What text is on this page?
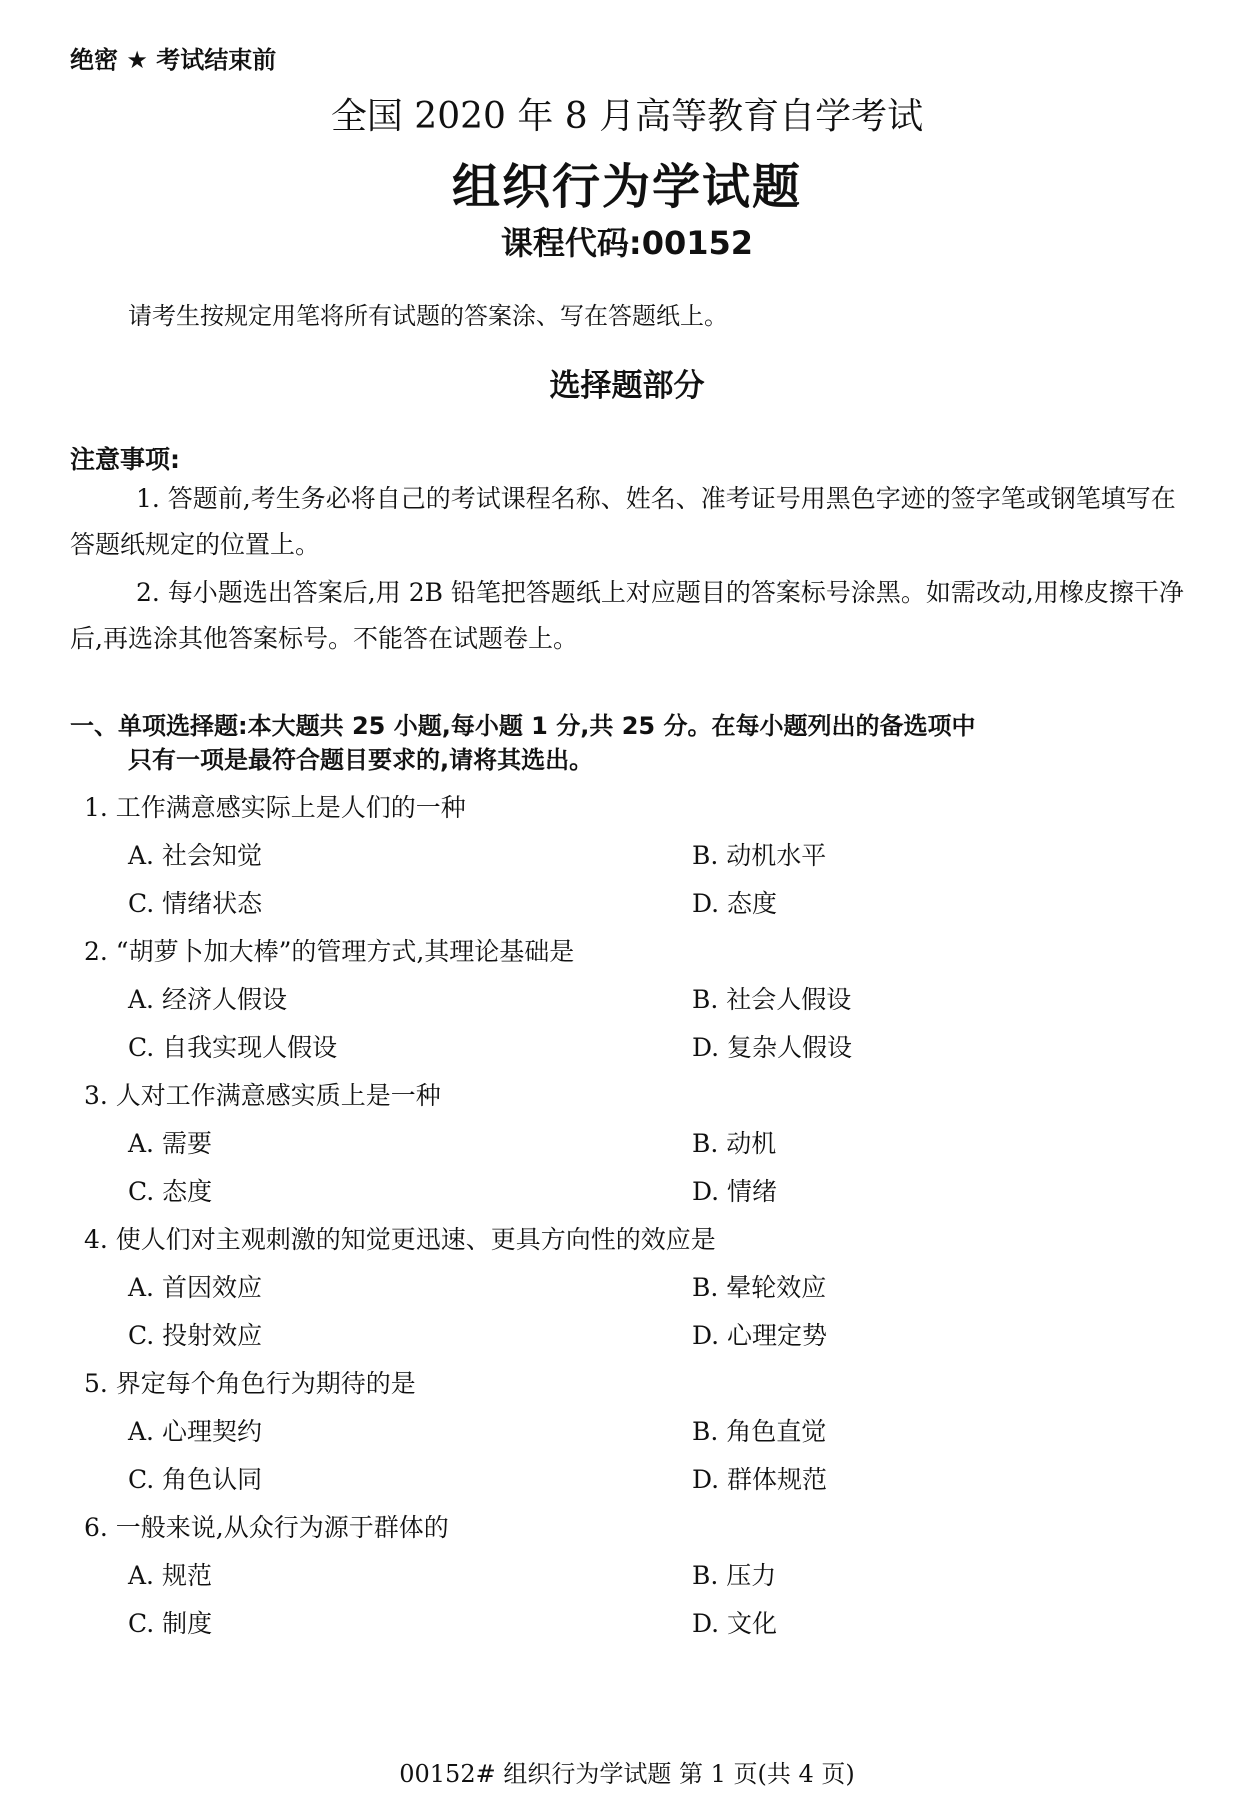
绝密 ★ 考试结束前
全国 2020 年 8 月高等教育自学考试
组织行为学试题
课程代码:00152
请考生按规定用笔将所有试题的答案涂、写在答题纸上。
选择题部分
注意事项:
1. 答题前,考生务必将自己的考试课程名称、姓名、准考证号用黑色字迹的签字笔或钢笔填写在答题纸规定的位置上。
2. 每小题选出答案后,用 2B 铅笔把答题纸上对应题目的答案标号涂黑。如需改动,用橡皮擦干净后,再选涂其他答案标号。不能答在试题卷上。
一、单项选择题:本大题共 25 小题,每小题 1 分,共 25 分。在每小题列出的备选项中
只有一项是最符合题目要求的,请将其选出。
1. 工作满意感实际上是人们的一种
A. 社会知觉	B. 动机水平
C. 情绪状态	D. 态度
2. “胡萝卜加大棒”的管理方式,其理论基础是
A. 经济人假设	B. 社会人假设
C. 自我实现人假设	D. 复杂人假设
3. 人对工作满意感实质上是一种
A. 需要	B. 动机
C. 态度	D. 情绪
4. 使人们对主观刺激的知觉更迅速、更具方向性的效应是
A. 首因效应	B. 晕轮效应
C. 投射效应	D. 心理定势
5. 界定每个角色行为期待的是
A. 心理契约	B. 角色直觉
C. 角色认同	D. 群体规范
6. 一般来说,从众行为源于群体的
A. 规范	B. 压力
C. 制度	D. 文化
00152# 组织行为学试题 第 1 页(共 4 页)
